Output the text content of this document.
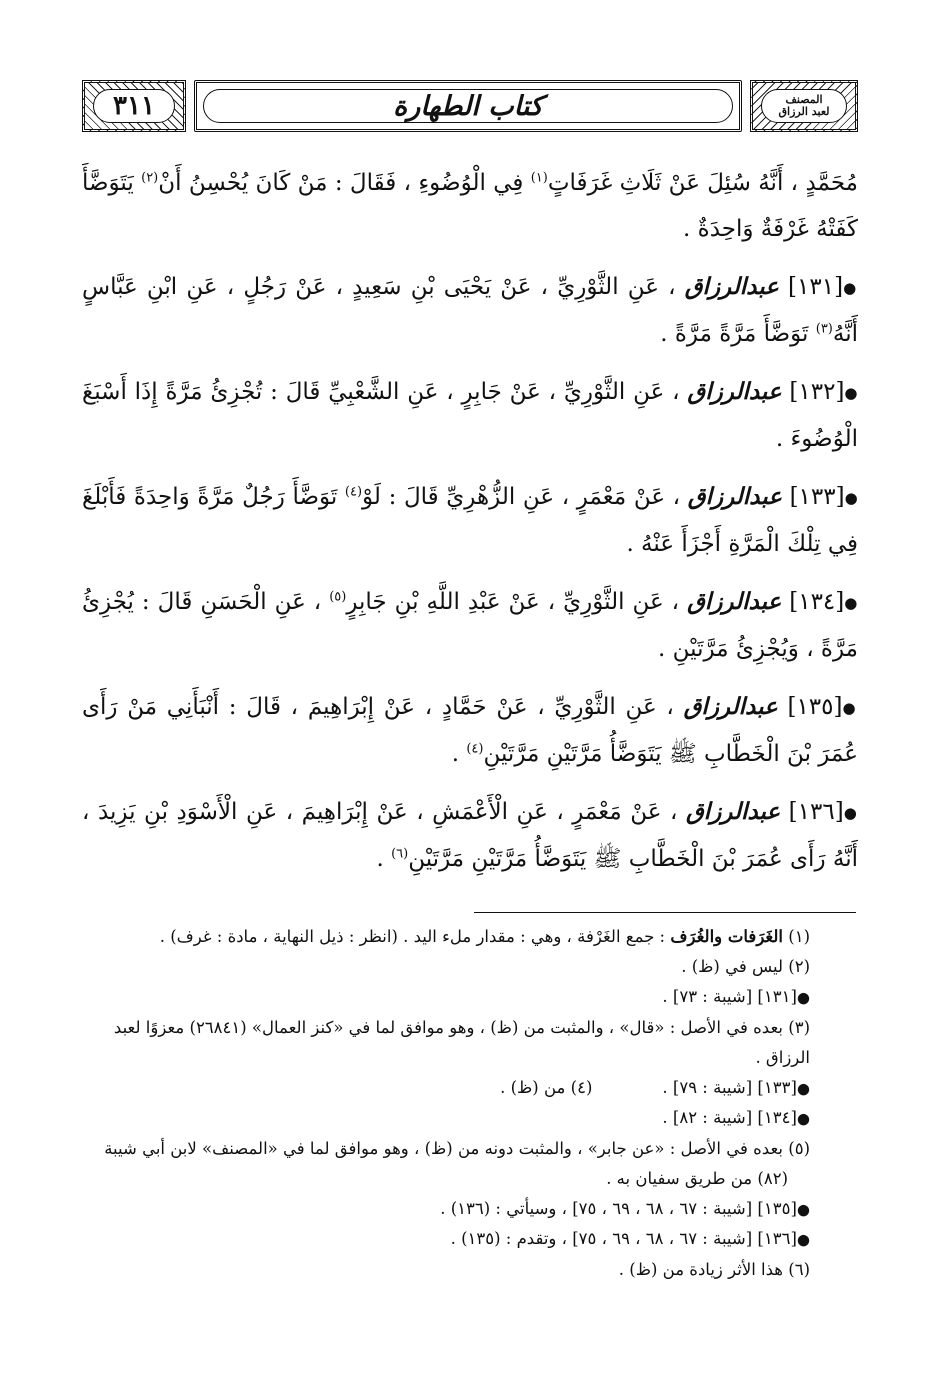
٣١١	كتاب الطهارة	المصنف
لعبد الرزاق

مُحَمَّدٍ ، أَنَّهُ سُئِلَ عَنْ ثَلَاثِ غَرَفَاتٍ$^{(١)}$ فِي الْوُضُوءِ ، فَقَالَ : مَنْ كَانَ يُحْسِنُ أَنْ$^{(٢)}$ يَتَوَضَّأَ كَفَتْهُ غَرْفَةٌ وَاحِدَةٌ .

●[١٣١] عبدالرزاق ، عَنِ الثَّوْرِيِّ ، عَنْ يَحْيَى بْنِ سَعِيدٍ ، عَنْ رَجُلٍ ، عَنِ ابْنِ عَبَّاسٍ أَنَّهُ$^{(٣)}$ تَوَضَّأَ مَرَّةً مَرَّةً .

●[١٣٢] عبدالرزاق ، عَنِ الثَّوْرِيِّ ، عَنْ جَابِرٍ ، عَنِ الشَّعْبِيِّ قَالَ : تُجْزِئُ مَرَّةً إِذَا أَسْبَغَ الْوُضُوءَ .

●[١٣٣] عبدالرزاق ، عَنْ مَعْمَرٍ ، عَنِ الزُّهْرِيِّ قَالَ : لَوْ$^{(٤)}$ تَوَضَّأَ رَجُلٌ مَرَّةً وَاحِدَةً فَأَبْلَغَ فِي تِلْكَ الْمَرَّةِ أَجْزَأَ عَنْهُ .

●[١٣٤] عبدالرزاق ، عَنِ الثَّوْرِيِّ ، عَنْ عَبْدِ اللَّهِ بْنِ جَابِرٍ$^{(٥)}$ ، عَنِ الْحَسَنِ قَالَ : يُجْزِئُ مَرَّةً ، وَيُجْزِئُ مَرَّتَيْنِ .

●[١٣٥] عبدالرزاق ، عَنِ الثَّوْرِيِّ ، عَنْ حَمَّادٍ ، عَنْ إِبْرَاهِيمَ ، قَالَ : أَنْبَأَنِي مَنْ رَأَى عُمَرَ بْنَ الْخَطَّابِ ﷺ يَتَوَضَّأُ مَرَّتَيْنِ مَرَّتَيْنِ$^{(٤)}$ .

●[١٣٦] عبدالرزاق ، عَنْ مَعْمَرٍ ، عَنِ الْأَعْمَشِ ، عَنْ إِبْرَاهِيمَ ، عَنِ الْأَسْوَدِ بْنِ يَزِيدَ ، أَنَّهُ رَأَى عُمَرَ بْنَ الْخَطَّابِ ﷺ يَتَوَضَّأُ مَرَّتَيْنِ مَرَّتَيْنِ$^{(٦)}$ .

(١) الغَرَفات والغُرَف : جمع الغَرْفة ، وهي : مقدار ملء اليد . (انظر : ذيل النهاية ، مادة : غرف) .

(٢) ليس في (ظ) .

●[١٣١] [شيبة : ٧٣] .

(٣) بعده في الأصل : «قال» ، والمثبت من (ظ) ، وهو موافق لما في «كنز العمال» (٢٦٨٤١) معزوًا لعبد الرزاق .

●[١٣٣] [شيبة : ٧٩] .
(٤) من (ظ) .

●[١٣٤] [شيبة : ٨٢] .

(٥) بعده في الأصل : «عن جابر» ، والمثبت دونه من (ظ) ، وهو موافق لما في «المصنف» لابن أبي شيبة

(٨٢) من طريق سفيان به .

●[١٣٥] [شيبة : ٦٧ ، ٦٨ ، ٦٩ ، ٧٥] ، وسيأتي : (١٣٦) .

●[١٣٦] [شيبة : ٦٧ ، ٦٨ ، ٦٩ ، ٧٥] ، وتقدم : (١٣٥) .

(٦) هذا الأثر زيادة من (ظ) .
